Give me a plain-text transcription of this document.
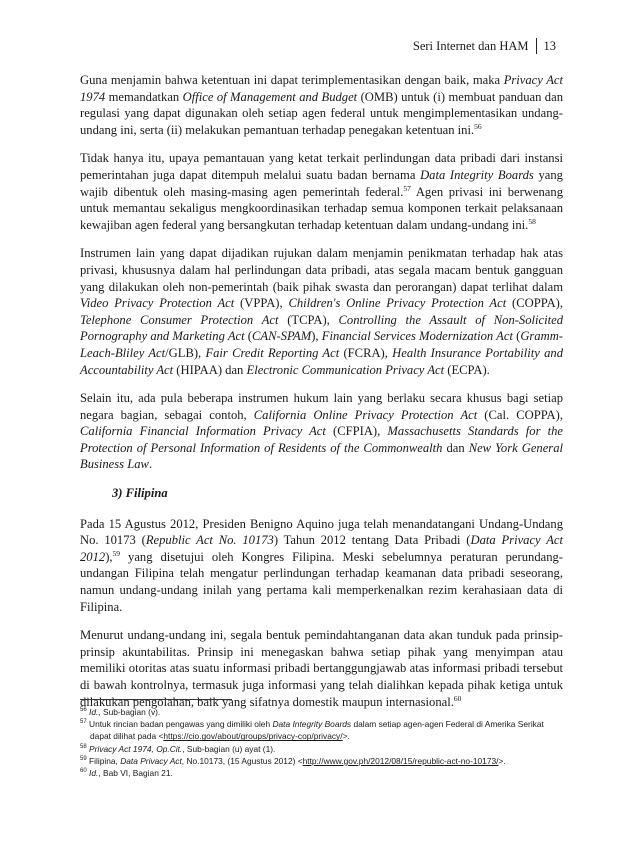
Seri Internet dan HAM 13

Guna menjamin bahwa ketentuan ini dapat terimplementasikan dengan baik, maka Privacy Act 1974 memandatkan Office of Management and Budget (OMB) untuk (i) membuat panduan dan regulasi yang dapat digunakan oleh setiap agen federal untuk mengimplementasikan undang-undang ini, serta (ii) melakukan pemantuan terhadap penegakan ketentuan ini.$^{56}$

Tidak hanya itu, upaya pemantauan yang ketat terkait perlindungan data pribadi dari instansi pemerintahan juga dapat ditempuh melalui suatu badan bernama Data Integrity Boards yang wajib dibentuk oleh masing-masing agen pemerintah federal.$^{57}$ Agen privasi ini berwenang untuk memantau sekaligus mengkoordinasikan terhadap semua komponen terkait pelaksanaan kewajiban agen federal yang bersangkutan terhadap ketentuan dalam undang-undang ini.$^{58}$

Instrumen lain yang dapat dijadikan rujukan dalam menjamin penikmatan terhadap hak atas privasi, khususnya dalam hal perlindungan data pribadi, atas segala macam bentuk gangguan yang dilakukan oleh non-pemerintah (baik pihak swasta dan perorangan) dapat terlihat dalam Video Privacy Protection Act (VPPA), Children's Online Privacy Protection Act (COPPA), Telephone Consumer Protection Act (TCPA), Controlling the Assault of Non-Solicited Pornography and Marketing Act (CAN-SPAM), Financial Services Modernization Act (Gramm-Leach-Bliley Act/GLB), Fair Credit Reporting Act (FCRA), Health Insurance Portability and Accountability Act (HIPAA) dan Electronic Communication Privacy Act (ECPA).

Selain itu, ada pula beberapa instrumen hukum lain yang berlaku secara khusus bagi setiap negara bagian, sebagai contoh, California Online Privacy Protection Act (Cal. COPPA), California Financial Information Privacy Act (CFPIA), Massachusetts Standards for the Protection of Personal Information of Residents of the Commonwealth dan New York General Business Law.

3) Filipina

Pada 15 Agustus 2012, Presiden Benigno Aquino juga telah menandatangani Undang-Undang No. 10173 (Republic Act No. 10173) Tahun 2012 tentang Data Pribadi (Data Privacy Act 2012),$^{59}$ yang disetujui oleh Kongres Filipina. Meski sebelumnya peraturan perundang-undangan Filipina telah mengatur perlindungan terhadap keamanan data pribadi seseorang, namun undang-undang inilah yang pertama kali memperkenalkan rezim kerahasiaan data di Filipina.

Menurut undang-undang ini, segala bentuk pemindahtanganan data akan tunduk pada prinsip-prinsip akuntabilitas. Prinsip ini menegaskan bahwa setiap pihak yang menyimpan atau memiliki otoritas atas suatu informasi pribadi bertanggungjawab atas informasi pribadi tersebut di bawah kontrolnya, termasuk juga informasi yang telah dialihkan kepada pihak ketiga untuk dilakukan pengolahan, baik yang sifatnya domestik maupun internasional.$^{60}$

$^{56}$ Id., Sub-bagian (v).
$^{57}$ Untuk rincian badan pengawas yang dimiliki oleh Data Integrity Boards dalam setiap agen-agen Federal di Amerika Serikat dapat dilihat pada <https://cio.gov/about/groups/privacy-cop/privacy/>.
$^{58}$ Privacy Act 1974, Op.Cit., Sub-bagian (u) ayat (1).
$^{59}$ Filipina, Data Privacy Act, No.10173, (15 Agustus 2012) <http://www.gov.ph/2012/08/15/republic-act-no-10173/>.
$^{60}$ Id., Bab VI, Bagian 21.
